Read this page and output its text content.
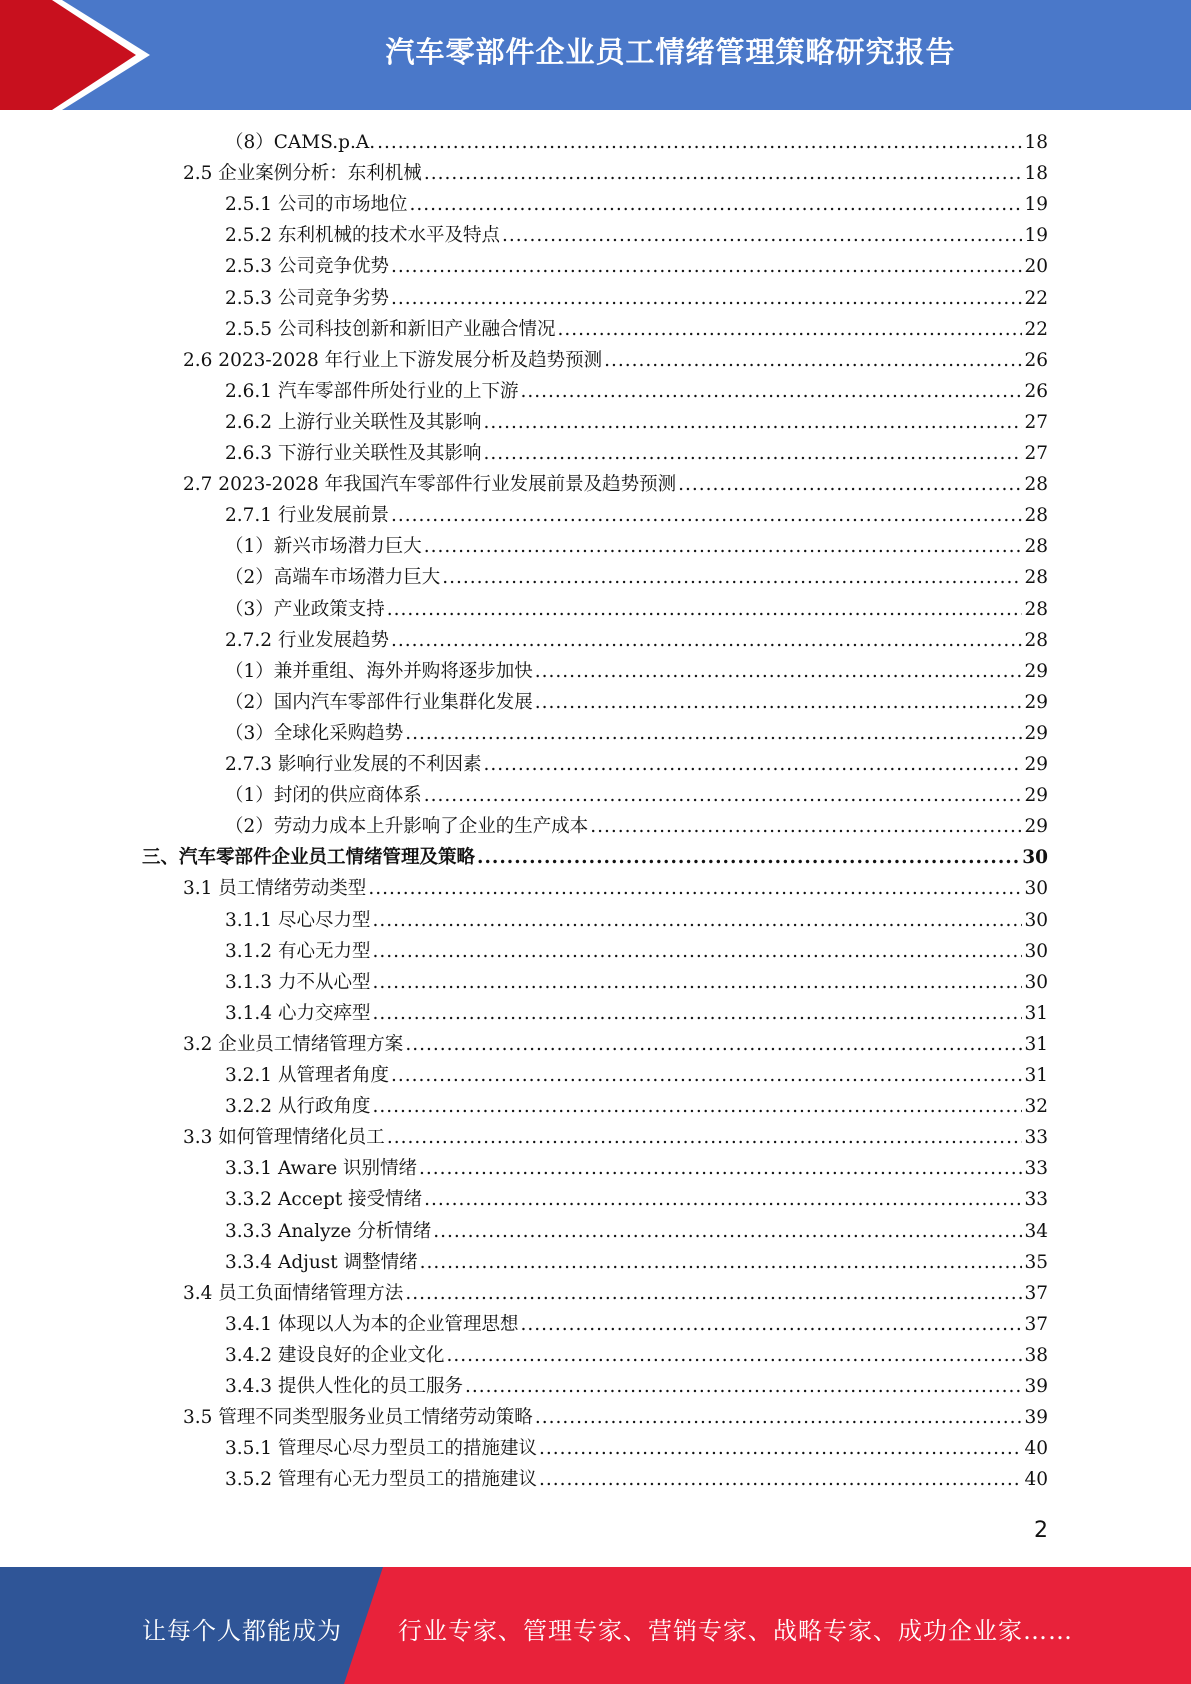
汽车零部件企业员工情绪管理策略研究报告
（8）CAMS.p.A. .....	18
2.5 企业案例分析：东利机械 .....	18
2.5.1 公司的市场地位 .....	19
2.5.2 东利机械的技术水平及特点 .....	19
2.5.3 公司竞争优势 .....	20
2.5.3 公司竞争劣势 .....	22
2.5.5 公司科技创新和新旧产业融合情况 .....	22
2.6 2023-2028 年行业上下游发展分析及趋势预测 .....	26
2.6.1 汽车零部件所处行业的上下游 .....	26
2.6.2 上游行业关联性及其影响 .....	27
2.6.3 下游行业关联性及其影响 .....	27
2.7 2023-2028 年我国汽车零部件行业发展前景及趋势预测 .....	28
2.7.1 行业发展前景 .....	28
（1）新兴市场潜力巨大 .....	28
（2）高端车市场潜力巨大 .....	28
（3）产业政策支持 .....	28
2.7.2 行业发展趋势 .....	28
（1）兼并重组、海外并购将逐步加快 .....	29
（2）国内汽车零部件行业集群化发展 .....	29
（3）全球化采购趋势 .....	29
2.7.3 影响行业发展的不利因素 .....	29
（1）封闭的供应商体系 .....	29
（2）劳动力成本上升影响了企业的生产成本 .....	29
三、汽车零部件企业员工情绪管理及策略 .....	30
3.1 员工情绪劳动类型 .....	30
3.1.1 尽心尽力型 .....	30
3.1.2 有心无力型 .....	30
3.1.3 力不从心型 .....	30
3.1.4 心力交瘁型 .....	31
3.2 企业员工情绪管理方案 .....	31
3.2.1 从管理者角度 .....	31
3.2.2 从行政角度 .....	32
3.3 如何管理情绪化员工 .....	33
3.3.1 Aware 识别情绪 .....	33
3.3.2 Accept 接受情绪 .....	33
3.3.3 Analyze 分析情绪 .....	34
3.3.4 Adjust 调整情绪 .....	35
3.4 员工负面情绪管理方法 .....	37
3.4.1 体现以人为本的企业管理思想 .....	37
3.4.2 建设良好的企业文化 .....	38
3.4.3 提供人性化的员工服务 .....	39
3.5 管理不同类型服务业员工情绪劳动策略 .....	39
3.5.1 管理尽心尽力型员工的措施建议 .....	40
3.5.2 管理有心无力型员工的措施建议 .....	40
2
让每个人都能成为 行业专家、管理专家、营销专家、战略专家、成功企业家……
